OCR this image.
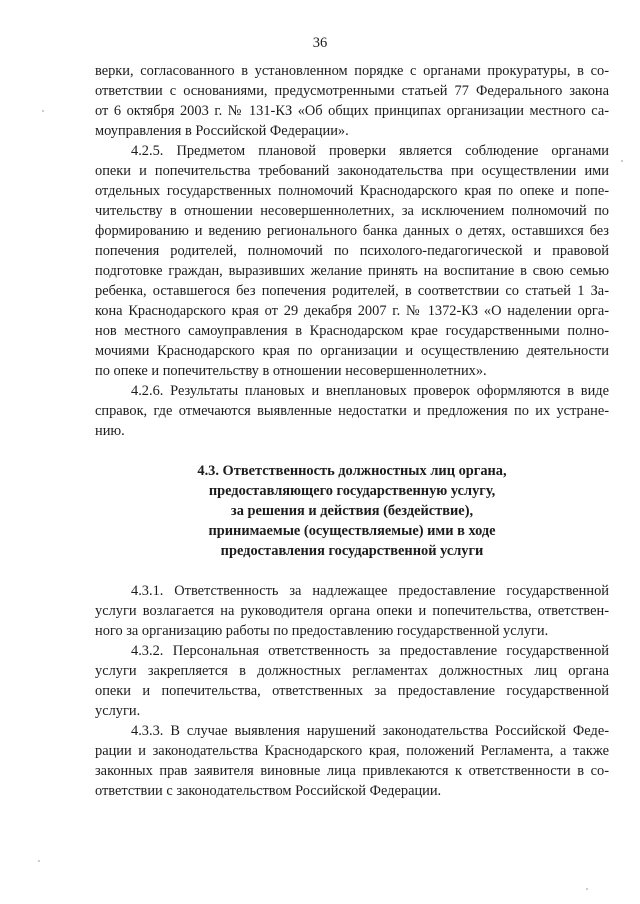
36
верки, согласованного в установленном порядке с органами прокуратуры, в со-
ответствии с основаниями, предусмотренными статьей 77 Федерального закона
от 6 октября 2003 г. № 131-КЗ «Об общих принципах организации местного са-
моуправления в Российской Федерации».
4.2.5. Предметом плановой проверки является соблюдение органами
опеки и попечительства требований законодательства при осуществлении ими
отдельных государственных полномочий Краснодарского края по опеке и попе-
чительству в отношении несовершеннолетних, за исключением полномочий по
формированию и ведению регионального банка данных о детях, оставшихся без
попечения родителей, полномочий по психолого-педагогической и правовой
подготовке граждан, выразивших желание принять на воспитание в свою семью
ребенка, оставшегося без попечения родителей, в соответствии со статьей 1 За-
кона Краснодарского края от 29 декабря 2007 г. № 1372-КЗ «О наделении орга-
нов местного самоуправления в Краснодарском крае государственными полно-
мочиями Краснодарского края по организации и осуществлению деятельности
по опеке и попечительству в отношении несовершеннолетних».
4.2.6. Результаты плановых и внеплановых проверок оформляются в виде
справок, где отмечаются выявленные недостатки и предложения по их устране-
нию.
4.3. Ответственность должностных лиц органа,
предоставляющего государственную услугу,
за решения и действия (бездействие),
принимаемые (осуществляемые) ими в ходе
предоставления государственной услуги
4.3.1. Ответственность за надлежащее предоставление государственной
услуги возлагается на руководителя органа опеки и попечительства, ответствен-
ного за организацию работы по предоставлению государственной услуги.
4.3.2. Персональная ответственность за предоставление государственной
услуги закрепляется в должностных регламентах должностных лиц органа
опеки и попечительства, ответственных за предоставление государственной
услуги.
4.3.3. В случае выявления нарушений законодательства Российской Феде-
рации и законодательства Краснодарского края, положений Регламента, а также
законных прав заявителя виновные лица привлекаются к ответственности в со-
ответствии с законодательством Российской Федерации.
